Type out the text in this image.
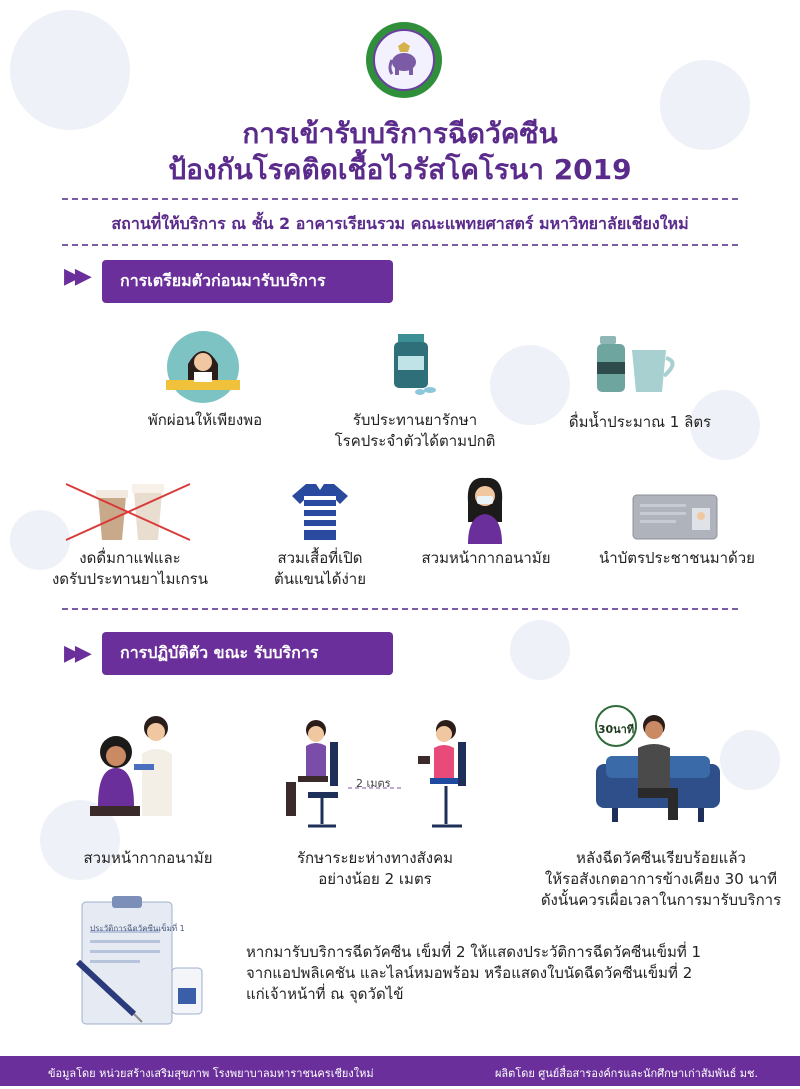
การเข้ารับบริการฉีดวัคซีน
ป้องกันโรคติดเชื้อไวรัสโคโรนา 2019
สถานที่ให้บริการ ณ ชั้น 2 อาคารเรียนรวม คณะแพทยศาสตร์ มหาวิทยาลัยเชียงใหม่
▶▶	การเตรียมตัวก่อนมารับบริการ
พักผ่อนให้เพียงพอ	รับประทานยารักษา
โรคประจำตัวได้ตามปกติ
ดื่มน้ำประมาณ 1 ลิตร
งดดื่มกาแฟและ
งดรับประทานยาไมเกรน
สวมเสื้อที่เปิด
ต้นแขนได้ง่าย
สวมหน้ากากอนามัย	นำบัตรประชาชนมาด้วย
▶▶	การปฏิบัติตัว ขณะ รับบริการ
2 เมตร
30นาที
สวมหน้ากากอนามัย	รักษาระยะห่างทางสังคม
อย่างน้อย 2 เมตร
หลังฉีดวัคซีนเรียบร้อยแล้ว
ให้รอสังเกตอาการข้างเคียง 30 นาที
ดังนั้นควรเผื่อเวลาในการมารับบริการ
ประวัติการฉีดวัคซีนเข็มที่ 1
หากมารับบริการฉีดวัคซีน เข็มที่ 2 ให้แสดงประวัติการฉีดวัคซีนเข็มที่ 1
จากแอปพลิเคชัน และไลน์หมอพร้อม หรือแสดงใบนัดฉีดวัคซีนเข็มที่ 2
แก่เจ้าหน้าที่ ณ จุดวัดไข้
ข้อมูลโดย หน่วยสร้างเสริมสุขภาพ โรงพยาบาลมหาราชนครเชียงใหม่	ผลิตโดย ศูนย์สื่อสารองค์กรและนักศึกษาเก่าสัมพันธ์ มช.
